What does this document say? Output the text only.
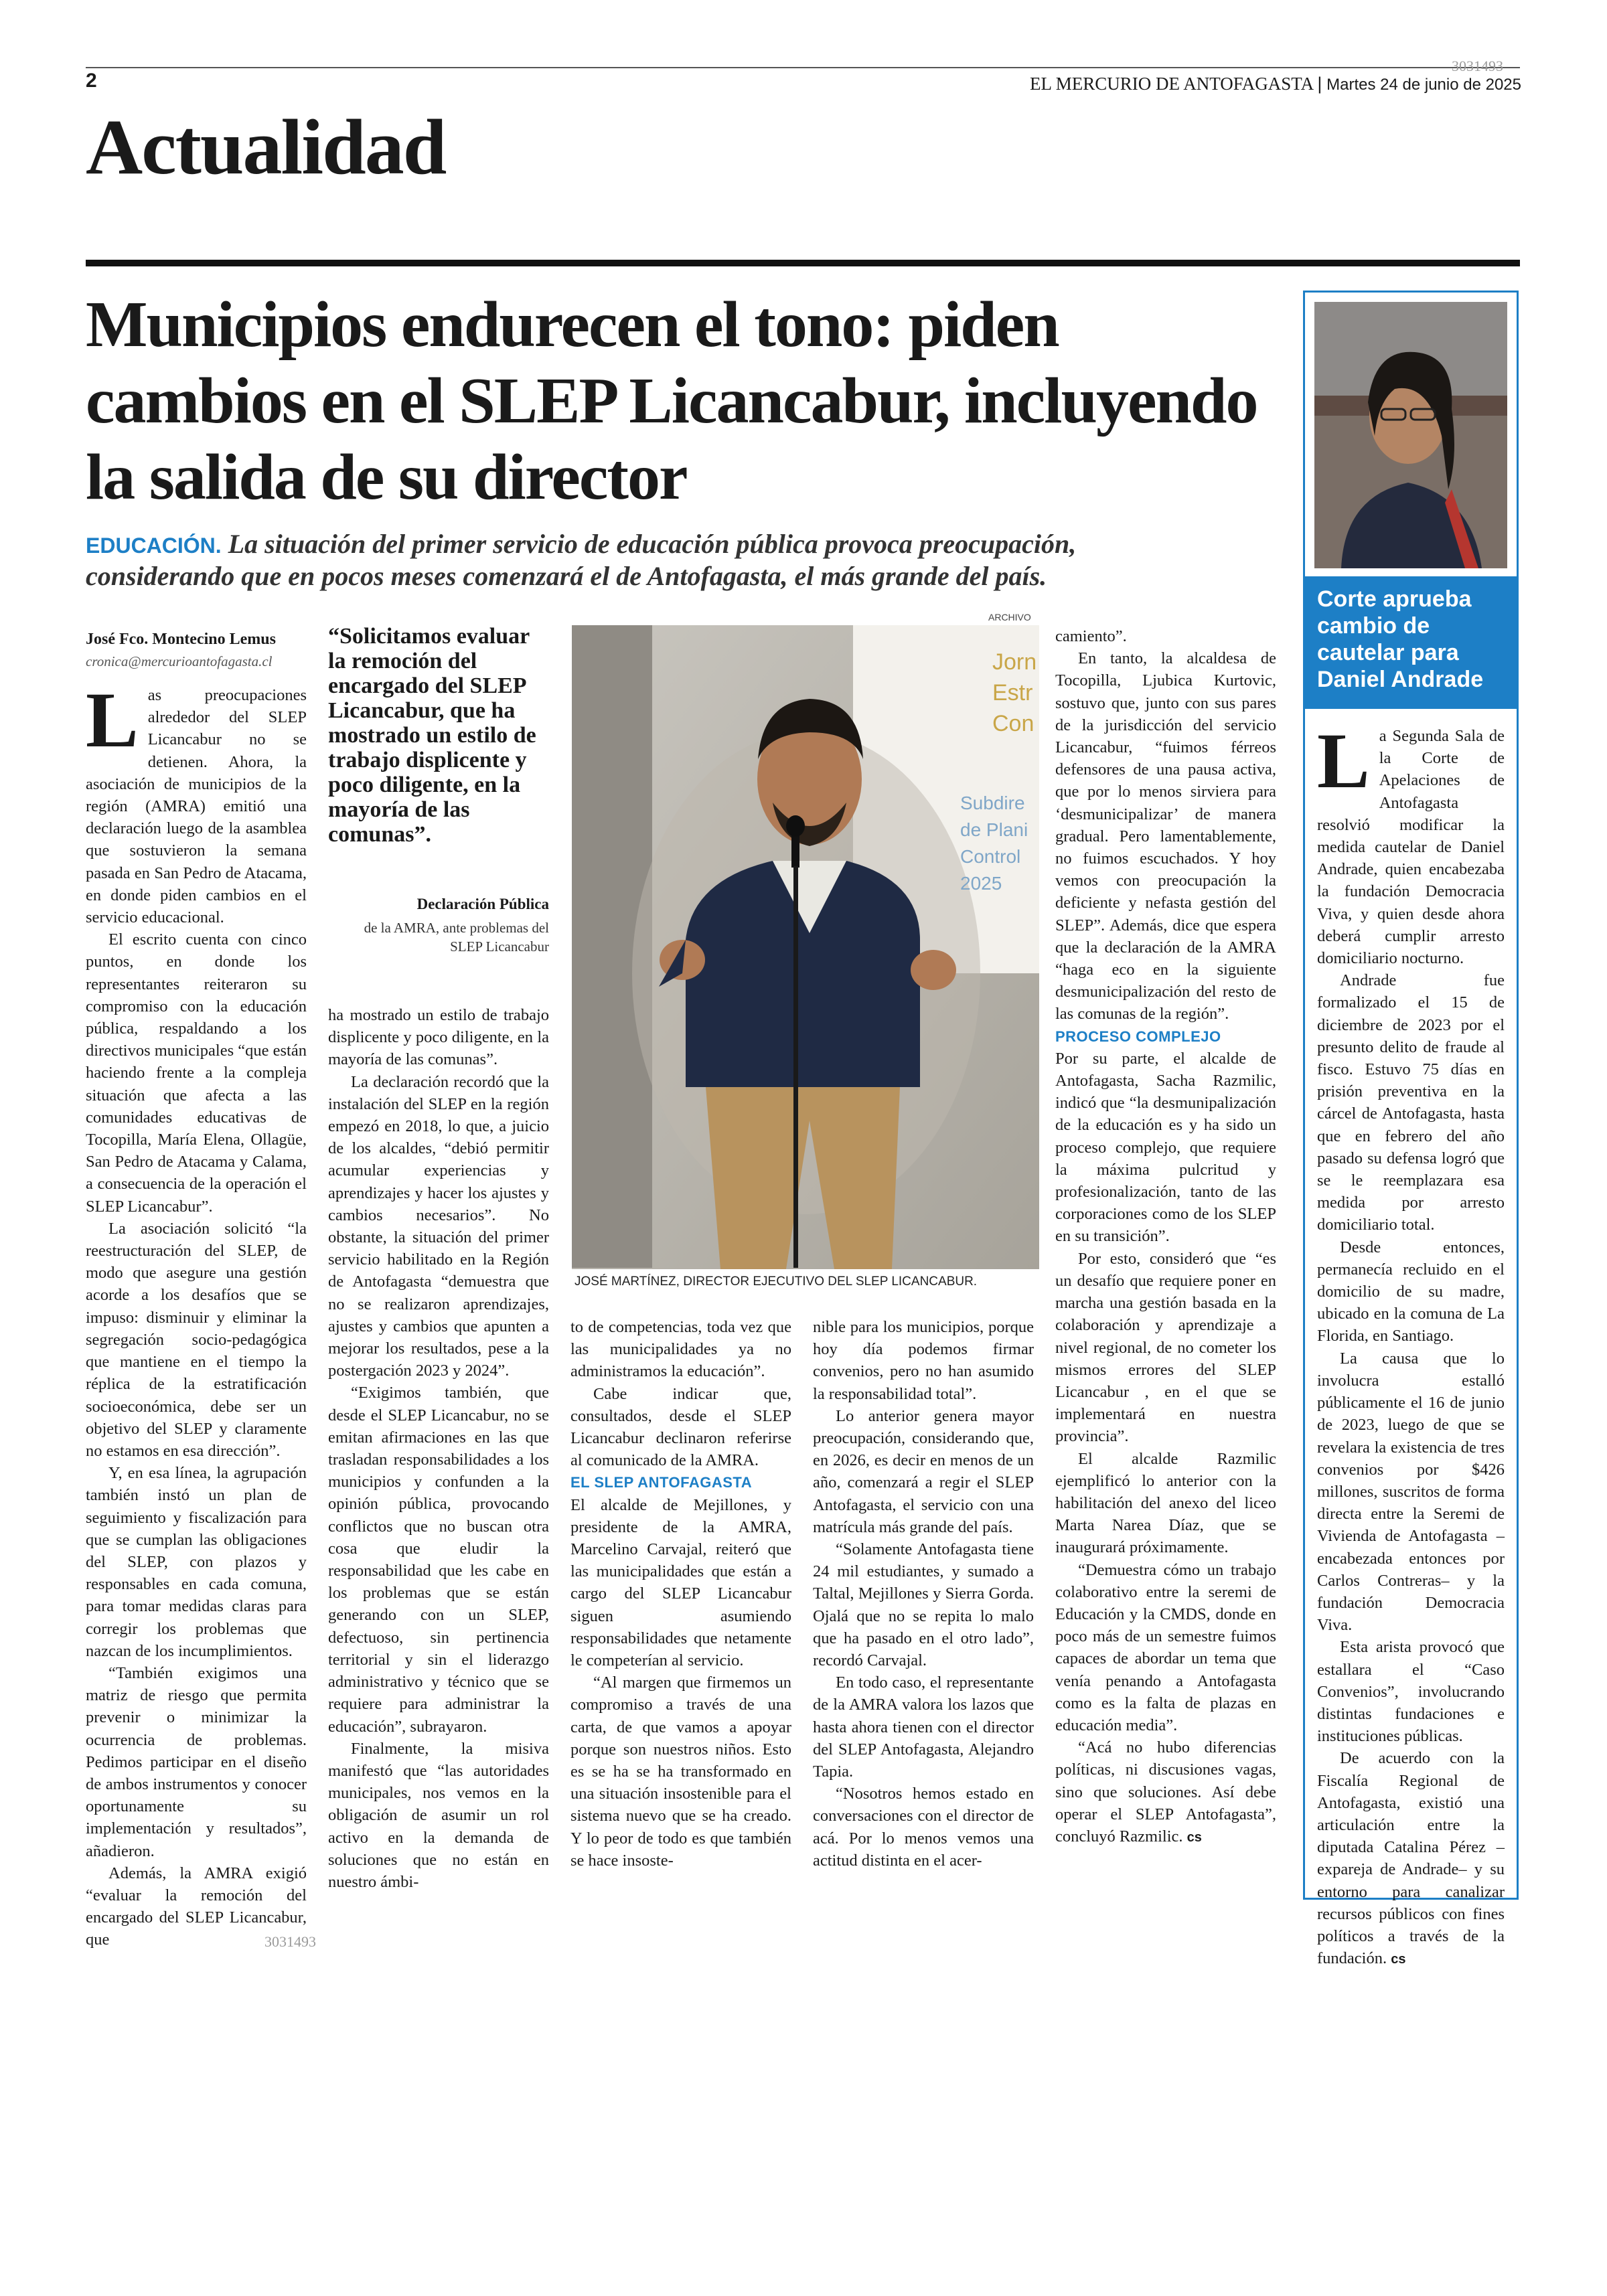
2
3031493
EL MERCURIO DE ANTOFAGASTA | Martes 24 de junio de 2025
Actualidad
Municipios endurecen el tono: piden cambios en el SLEP Licancabur, incluyendo la salida de su director
EDUCACIÓN. La situación del primer servicio de educación pública provoca preocupación, considerando que en pocos meses comenzará el de Antofagasta, el más grande del país.
José Fco. Montecino Lemus
cronica@mercurioantofagasta.cl
“Solicitamos evaluar la remoción del encargado del SLEP Licancabur, que ha mostrado un estilo de trabajo displicente y poco diligente, en la mayoría de las comunas”.
Declaración Pública
de la AMRA, ante problemas del SLEP Licancabur
ARCHIVO
Jorn
Estr
Con
Subdire
de Plani
Control
2025
JOSÉ MARTÍNEZ, DIRECTOR EJECUTIVO DEL SLEP LICANCABUR.
3031493

Las preocupaciones alrededor del SLEP Licancabur no se detienen. Ahora, la asociación de municipios de la región (AMRA) emitió una declaración luego de la asamblea que sostuvieron la semana pasada en San Pedro de Atacama, en donde piden cambios en el servicio educacional.

El escrito cuenta con cinco puntos, en donde los representantes reiteraron su compromiso con la educación pública, respaldando a los directivos municipales “que están haciendo frente a la compleja situación que afecta a las comunidades educativas de Tocopilla, María Elena, Ollagüe, San Pedro de Atacama y Calama, a consecuencia de la operación el SLEP Licancabur”.

La asociación solicitó “la reestructuración del SLEP, de modo que asegure una gestión acorde a los desafíos que se impuso: disminuir y eliminar la segregación socio-pedagógica que mantiene en el tiempo la réplica de la estratificación socioeconómica, debe ser un objetivo del SLEP y claramente no estamos en esa dirección”.

Y, en esa línea, la agrupación también instó un plan de seguimiento y fiscalización para que se cumplan las obligaciones del SLEP, con plazos y responsables en cada comuna, para tomar medidas claras para corregir los problemas que nazcan de los incumplimientos.

“También exigimos una matriz de riesgo que permita prevenir o minimizar la ocurrencia de problemas. Pedimos participar en el diseño de ambos instrumentos y conocer oportunamente su implementación y resultados”, añadieron.

Además, la AMRA exigió “evaluar la remoción del encargado del SLEP Licancabur, que

ha mostrado un estilo de trabajo displicente y poco diligente, en la mayoría de las comunas”.

La declaración recordó que la instalación del SLEP en la región empezó en 2018, lo que, a juicio de los alcaldes, “debió permitir acumular experiencias y aprendizajes y hacer los ajustes y cambios necesarios”. No obstante, la situación del primer servicio habilitado en la Región de Antofagasta “demuestra que no se realizaron aprendizajes, ajustes y cambios que apunten a mejorar los resultados, pese a la postergación 2023 y 2024”.

“Exigimos también, que desde el SLEP Licancabur, no se emitan afirmaciones en las que trasladan responsabilidades a los municipios y confunden a la opinión pública, provocando conflictos que no buscan otra cosa que eludir la responsabilidad que les cabe en los problemas que se están generando con un SLEP, defectuoso, sin pertinencia territorial y sin el liderazgo administrativo y técnico que se requiere para administrar la educación”, subrayaron.

Finalmente, la misiva manifestó que “las autoridades municipales, nos vemos en la obligación de asumir un rol activo en la demanda de soluciones que no están en nuestro ámbi-

to de competencias, toda vez que las municipalidades ya no administramos la educación”.

Cabe indicar que, consultados, desde el SLEP Licancabur declinaron referirse al comunicado de la AMRA.

EL SLEP ANTOFAGASTA

El alcalde de Mejillones, y presidente de la AMRA, Marcelino Carvajal, reiteró que las municipalidades que están a cargo del SLEP Licancabur siguen asumiendo responsabilidades que netamente le competerían al servicio.

“Al margen que firmemos un compromiso a través de una carta, de que vamos a apoyar porque son nuestros niños. Esto es se ha se ha transformado en una situación insostenible para el sistema nuevo que se ha creado. Y lo peor de todo es que también se hace insoste-

nible para los municipios, porque hoy día podemos firmar convenios, pero no han asumido la responsabilidad total”.

Lo anterior genera mayor preocupación, considerando que, en 2026, es decir en menos de un año, comenzará a regir el SLEP Antofagasta, el servicio con una matrícula más grande del país.

“Solamente Antofagasta tiene 24 mil estudiantes, y sumado a Taltal, Mejillones y Sierra Gorda. Ojalá que no se repita lo malo que ha pasado en el otro lado”, recordó Carvajal.

En todo caso, el representante de la AMRA valora los lazos que hasta ahora tienen con el director del SLEP Antofagasta, Alejandro Tapia.

“Nosotros hemos estado en conversaciones con el director de acá. Por lo menos vemos una actitud distinta en el acer-

camiento”.

En tanto, la alcaldesa de Tocopilla, Ljubica Kurtovic, sostuvo que, junto con sus pares de la jurisdicción del servicio Licancabur, “fuimos férreos defensores de una pausa activa, que por lo menos sirviera para ‘desmunicipalizar’ de manera gradual. Pero lamentablemente, no fuimos escuchados. Y hoy vemos con preocupación la deficiente y nefasta gestión del SLEP”. Además, dice que espera que la declaración de la AMRA “haga eco en la siguiente desmunicipalización del resto de las comunas de la región”.

PROCESO COMPLEJO

Por su parte, el alcalde de Antofagasta, Sacha Razmilic, indicó que “la desmunipalización de la educación es y ha sido un proceso complejo, que requiere la máxima pulcritud y profesionalización, tanto de las corporaciones como de los SLEP en su transición”.

Por esto, consideró que “es un desafío que requiere poner en marcha una gestión basada en la colaboración y aprendizaje a nivel regional, de no cometer los mismos errores del SLEP Licancabur , en el que se implementará en nuestra provincia”.

El alcalde Razmilic ejemplificó lo anterior con la habilitación del anexo del liceo Marta Narea Díaz, que se inaugurará próximamente.

“Demuestra cómo un trabajo colaborativo entre la seremi de Educación y la CMDS, donde en poco más de un semestre fuimos capaces de abordar un tema que venía penando a Antofagasta como es la falta de plazas en educación media”.

“Acá no hubo diferencias políticas, ni discusiones vagas, sino que soluciones. Así debe operar el SLEP Antofagasta”, concluyó Razmilic. cs

Corte aprueba cambio de cautelar para Daniel Andrade

La Segunda Sala de la Corte de Apelaciones de Antofagasta resolvió modificar la medida cautelar de Daniel Andrade, quien encabezaba la fundación Democracia Viva, y quien desde ahora deberá cumplir arresto domiciliario nocturno.

Andrade fue formalizado el 15 de diciembre de 2023 por el presunto delito de fraude al fisco. Estuvo 75 días en prisión preventiva en la cárcel de Antofagasta, hasta que en febrero del año pasado su defensa logró que se le reemplazara esa medida por arresto domiciliario total.

Desde entonces, permanecía recluido en el domicilio de su madre, ubicado en la comuna de La Florida, en Santiago.

La causa que lo involucra estalló públicamente el 16 de junio de 2023, luego de que se revelara la existencia de tres convenios por $426 millones, suscritos de forma directa entre la Seremi de Vivienda de Antofagasta –encabezada entonces por Carlos Contreras– y la fundación Democracia Viva.

Esta arista provocó que estallara el “Caso Convenios”, involucrando distintas fundaciones e instituciones públicas.

De acuerdo con la Fiscalía Regional de Antofagasta, existió una articulación entre la diputada Catalina Pérez –expareja de Andrade– y su entorno para canalizar recursos públicos con fines políticos a través de la fundación. cs
